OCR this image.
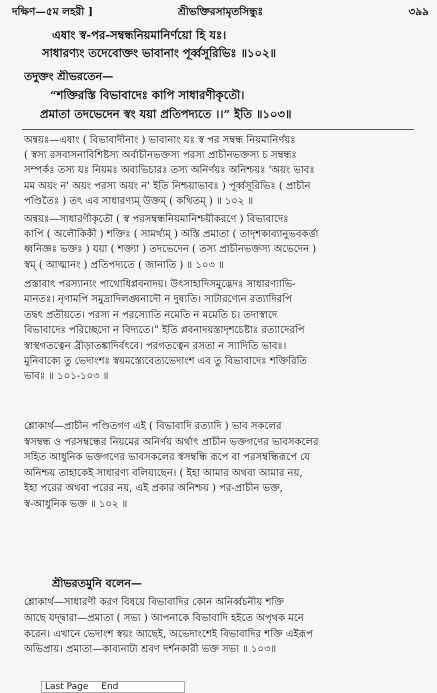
দক্ষিণ—৫ম লহরী ]	শ্রীভক্তিরসামৃতসিন্ধুঃ	৩৯৯
এষাং স্ব-পর-সম্বন্ধনিয়মানির্ণয়ো হি যঃ।
সাধারণ্যং তদেবোক্তং ভাবানাং পূর্ব্বসূরিভিঃ ॥১০২॥
তদুক্তং শ্রীভরতেন—
“শক্তিরস্তি বিভাবাদেঃ কাপি সাধারণীকৃতৌ।
প্রমাতা তদভেদেন স্বং যয়া প্রতিপদ্যতে ।।” ইতি ॥১০৩॥
অন্বয়ঃ—এষাং ( বিভাবাদীনাং ) ভাবানাং যঃ স্ব পর সম্বন্ধ নিয়মানির্ণয়ঃ
( স্বস্য রসবাসনাবিশিষ্টস্য অর্বাচীনভক্তস্য পরস্য প্রাচীনভক্তস্য চ সম্বন্ধঃ
সম্পর্কঃ তস্য যঃ নিয়মঃ অব্যভিচারঃ তস্য অনির্ণয়ঃ অনিশ্চয়ঃ 'অয়ং ভাবঃ
মম অয়ং ন' অয়ং পরস্য অয়ং ন' ইতি নিশ্চয়াভাবঃ ) পূর্ব্বসূরিভিঃ ( প্রাচীন
পণ্ডিতৈঃ ) তৎ এব সাধারণ্যম্ উক্তম্ ( কথিতম্ ) ॥ ১০২ ॥
অন্বয়ঃ—সাধারণীকৃতৌ ( স্ব পরসম্বন্ধনিয়মানিশ্চয়ীকরণে ) বিভাবাদেঃ
কাপি ( অলৌকিকী ) শক্তিঃ ( সামর্থ্যম্ ) অস্তি প্রমাতা ( তাদৃশকাব্যানুভবকর্ত্তা
ধ্বনিজ্ঞঃ ভক্তঃ ) যয়া ( শক্ত্যা ) তদভেদেন ( তস্য প্রাচীনভক্তস্য অভেদেন )
স্বম্ ( আত্মানং ) প্রতিপদ্যতে ( জানাতি ) ॥ ১০৩ ॥
প্রস্তাবাৎ পরস্যান্যং পাথোধিপ্লবনাদয়। উৎসাহাদিসমুদ্ভেদঃ সাধারণ্যাভি-
মানতঃ। নৃণামপি সমুদ্রাদিলঙ্ঘনাদৌ ন দুষ্যতি। সাটারণ্যেন রত্যাদিরপি
তদ্বৎ প্রতীয়তে। পরস্য ন পরস্যোতি নমেতি ন মমেতি চ। তদাস্বাদে
বিভাবাদেঃ পরিচ্ছেদো ন বিদ্যতে।” ইতি প্লবনাদয়স্তাদৃশচেষ্টাঃ রত্যাদেরপি
স্বাস্থগতত্বেন ব্রীড়াতঙ্কাদির্বৎবে। পরগতত্বেন রসতা ন স্যাদিতি ভাবঃ।
মুনিবাক্যে তু ভেদাংশঃ স্বয়মস্ত্যেবেত্যভেদাংশ এব তু বিভাবাদেঃ শক্তিরিতি
ভাবঃ ॥ ১০১-১০৩ ॥
শ্লোকার্থ—প্রাচীন পণ্ডিতগণ এই ( বিভাবাদি রত্যাদি ) ভাব সকলের
স্বসম্বন্ধ ও পরসম্বন্ধের নিয়মের অনির্ণয় অর্থাৎ প্রাচীন ভক্তগণের ভাবসকলের
সহিত আধুনিক ভক্তগণের ভাবসকলের স্বসম্বন্ধি রূপে বা পরসম্বন্ধিরূপে যে
অনিশ্চয় তাহাকেই সাধারণ্য বলিয়াছেন। ( ইহা আমার অথবা আমার নয়,
ইহা পরের অথবা পরের নয়, এই প্রকার অনিশ্চয় ) পর-প্রাচীন ভক্ত,
স্ব-আধুনিক ভক্ত ॥ ১০২ ॥
শ্রীভরতমুনি বলেন—
শ্লোকার্থ—সাধারণী করণ বিষয়ে বিভাবাদির কোন অনির্ব্বচনীয় শক্তি
আছে যদ্দ্বারা—প্রমাতা ( সভ্য ) আপনাকে বিভাবাদি হইতে অপৃথক মনে
করেন। এখানে ভেদাংশ স্বয়ং আছেই, অভেদাংশেই বিভাবাদির শক্তি এইরূপ
অভিপ্রায়। প্রমাতা—কাব্যনাট্য শ্রবণ দর্শনকারী ভক্ত সভ্য ॥ ১০৩॥
Last Page End
